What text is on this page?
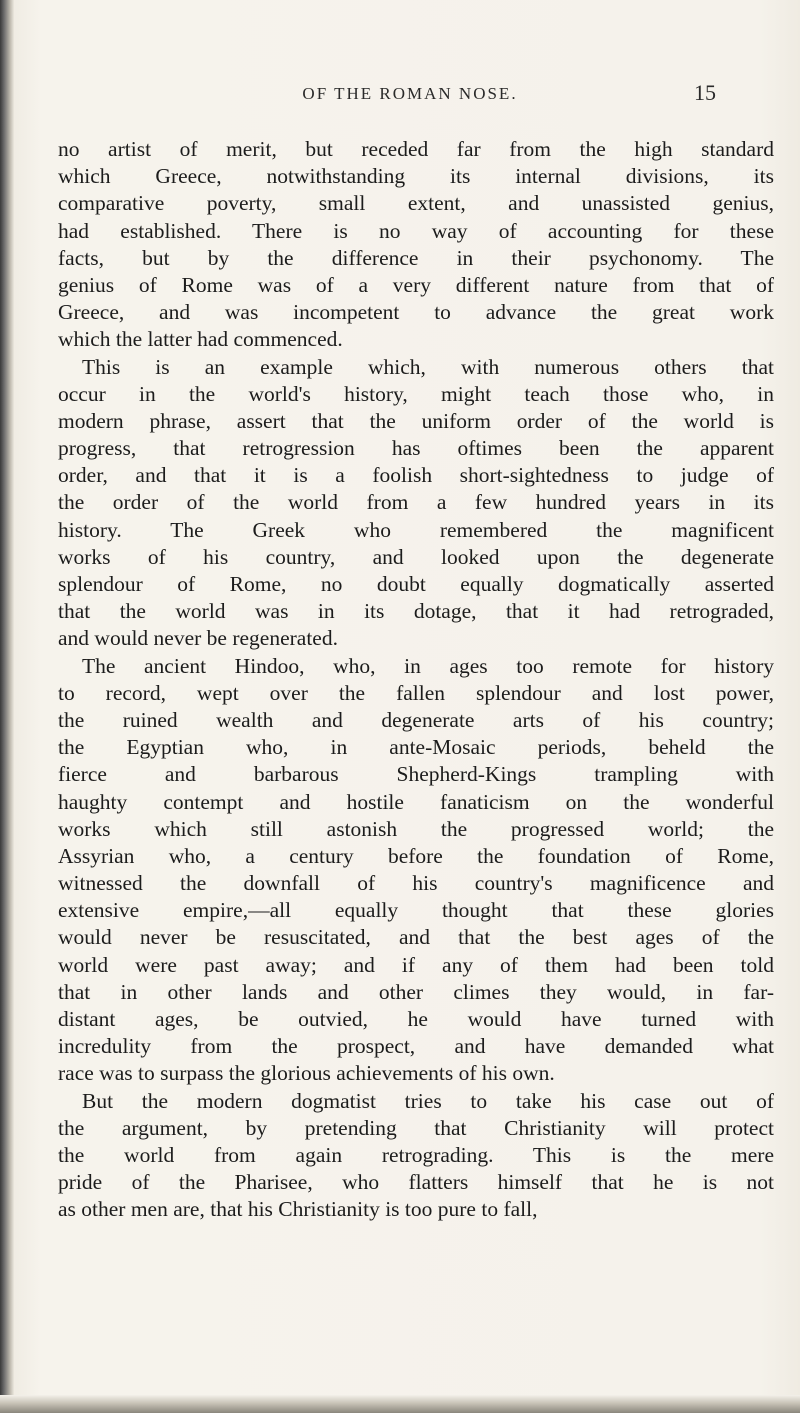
OF THE ROMAN NOSE.	15
no artist of merit, but receded far from the high standard
which Greece, notwithstanding its internal divisions, its
comparative poverty, small extent, and unassisted genius,
had established. There is no way of accounting for these
facts, but by the difference in their psychonomy. The
genius of Rome was of a very different nature from that of
Greece, and was incompetent to advance the great work
which the latter had commenced.
This is an example which, with numerous others that
occur in the world's history, might teach those who, in
modern phrase, assert that the uniform order of the world is
progress, that retrogression has oftimes been the apparent
order, and that it is a foolish short-sightedness to judge of
the order of the world from a few hundred years in its
history. The Greek who remembered the magnificent
works of his country, and looked upon the degenerate
splendour of Rome, no doubt equally dogmatically asserted
that the world was in its dotage, that it had retrograded,
and would never be regenerated.
The ancient Hindoo, who, in ages too remote for history
to record, wept over the fallen splendour and lost power,
the ruined wealth and degenerate arts of his country;
the Egyptian who, in ante-Mosaic periods, beheld the
fierce and barbarous Shepherd-Kings trampling with
haughty contempt and hostile fanaticism on the wonderful
works which still astonish the progressed world; the
Assyrian who, a century before the foundation of Rome,
witnessed the downfall of his country's magnificence and
extensive empire,—all equally thought that these glories
would never be resuscitated, and that the best ages of the
world were past away; and if any of them had been told
that in other lands and other climes they would, in far-
distant ages, be outvied, he would have turned with
incredulity from the prospect, and have demanded what
race was to surpass the glorious achievements of his own.
But the modern dogmatist tries to take his case out of
the argument, by pretending that Christianity will protect
the world from again retrograding. This is the mere
pride of the Pharisee, who flatters himself that he is not
as other men are, that his Christianity is too pure to fall,
